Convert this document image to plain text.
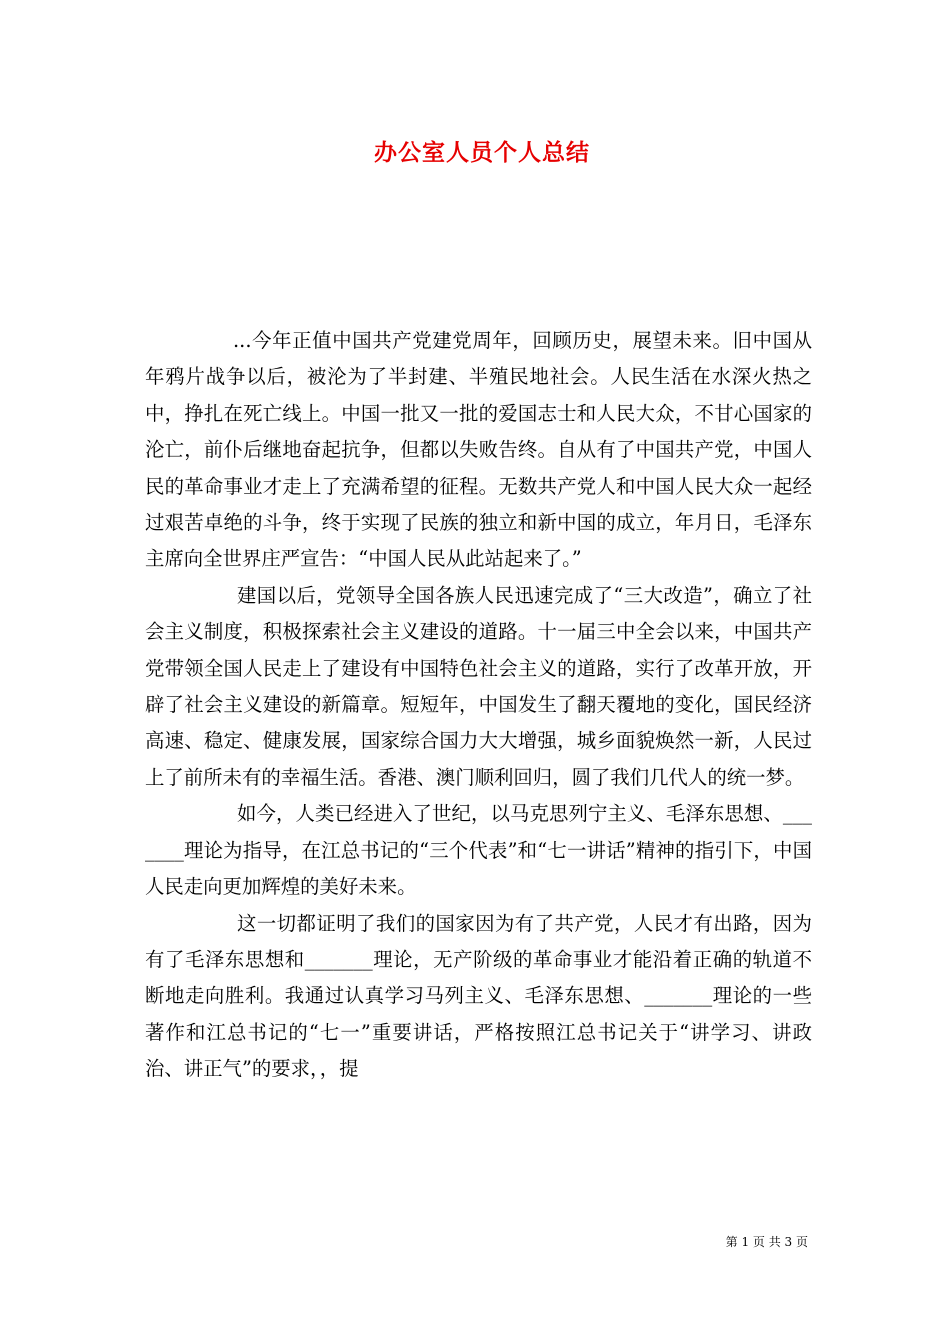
办公室人员个人总结

...今年正值中国共产党建党周年，回顾历史，展望未来。旧中国从年鸦片战争以后，被沦为了半封建、半殖民地社会。人民生活在水深火热之中，挣扎在死亡线上。中国一批又一批的爱国志士和人民大众，不甘心国家的沦亡，前仆后继地奋起抗争，但都以失败告终。自从有了中国共产党，中国人民的革命事业才走上了充满希望的征程。无数共产党人和中国人民大众一起经过艰苦卓绝的斗争，终于实现了民族的独立和新中国的成立，年月日，毛泽东主席向全世界庄严宣告：“中国人民从此站起来了。”

建国以后，党领导全国各族人民迅速完成了“三大改造”，确立了社会主义制度，积极探索社会主义建设的道路。十一届三中全会以来，中国共产党带领全国人民走上了建设有中国特色社会主义的道路，实行了改革开放，开辟了社会主义建设的新篇章。短短年，中国发生了翻天覆地的变化，国民经济高速、稳定、健康发展，国家综合国力大大增强，城乡面貌焕然一新，人民过上了前所未有的幸福生活。香港、澳门顺利回归，圆了我们几代人的统一梦。

如今，人类已经进入了世纪，以马克思列宁主义、毛泽东思想、_______理论为指导，在江总书记的“三个代表”和“七一讲话”精神的指引下，中国人民走向更加辉煌的美好未来。

这一切都证明了我们的国家因为有了共产党，人民才有出路，因为有了毛泽东思想和_______理论，无产阶级的革命事业才能沿着正确的轨道不断地走向胜利。我通过认真学习马列主义、毛泽东思想、_______理论的一些著作和江总书记的“七一”重要讲话，严格按照江总书记关于“讲学习、讲政治、讲正气”的要求，，提

第 1 页 共 3 页
